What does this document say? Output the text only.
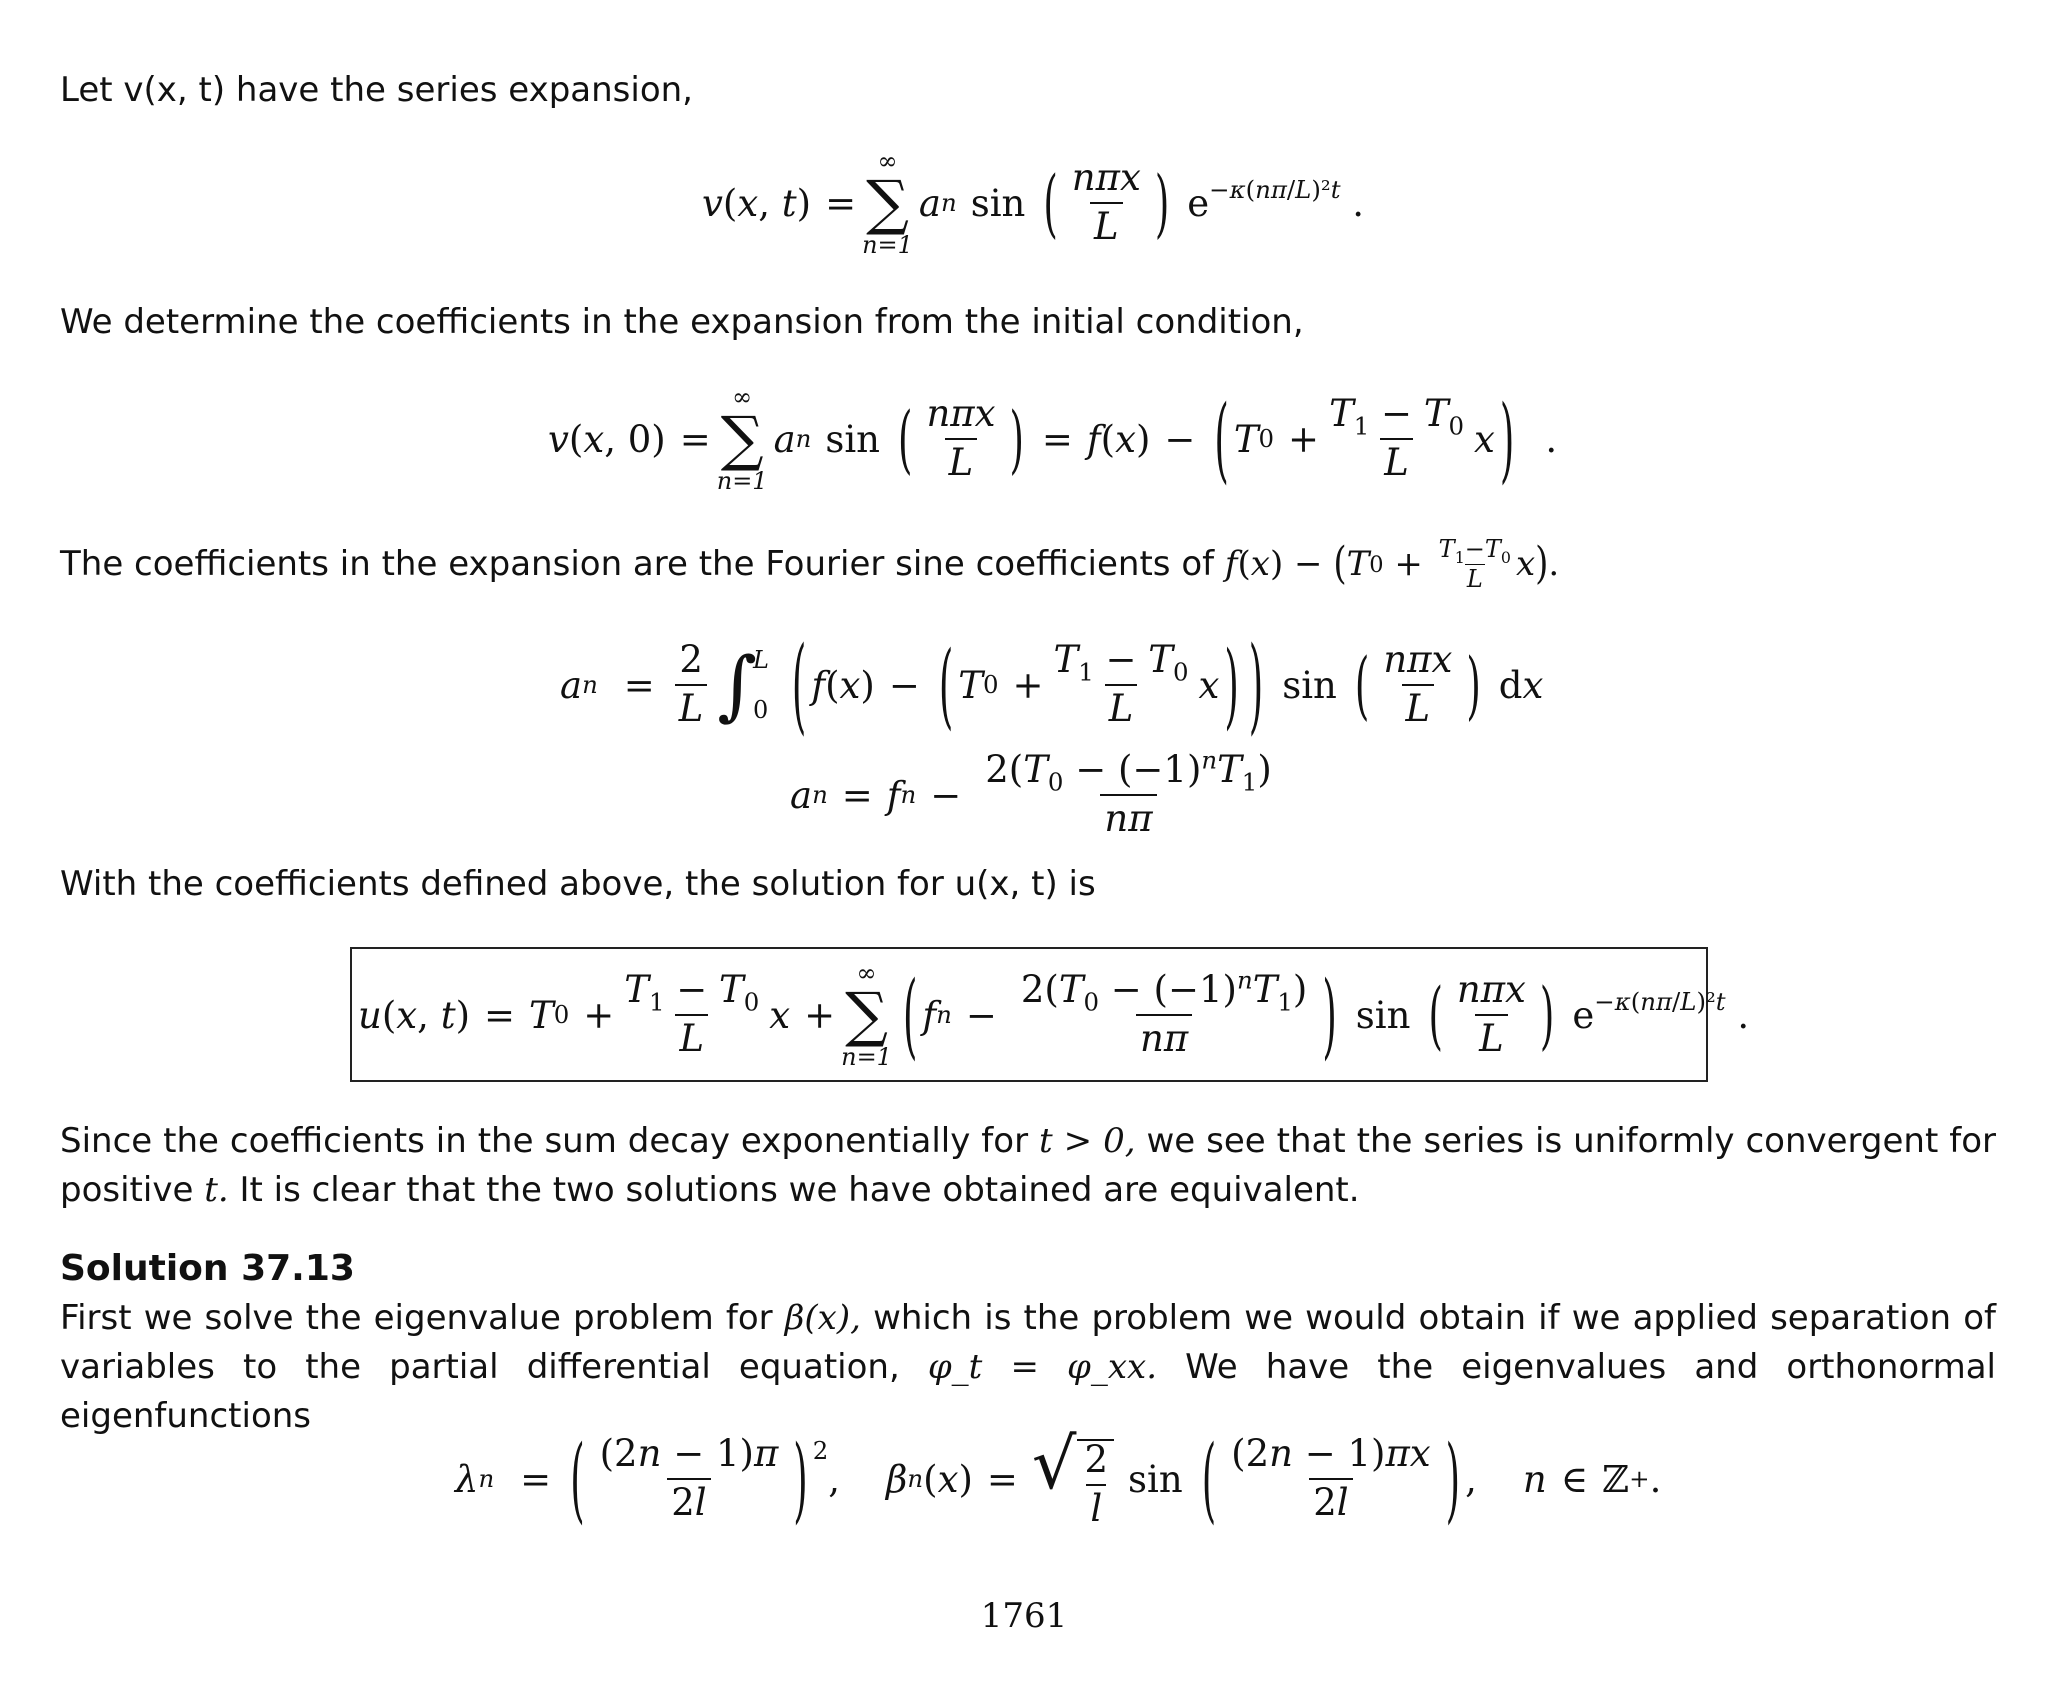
Let v(x, t) have the series expansion,
v ( x , t ) =
∞
∑
n=1
a n sin ( $\frac{\text{nπx}}{L}$ ) e −κ(nπ/L)²t .
We determine the coefficients in the expansion from the initial condition,
v ( x , 0) =
∞
∑
n=1
a n sin ( $\frac{\text{nπx}}{L}$ ) = f ( x ) − ( T $0 + \frac{T_1 - T_0}{L}$ x ) .
The coefficients in the expansion are the Fourier sine coefficients of f ( x ) − ( T $0 + \frac{T_1-T_0}{L}$ x ) .
a $n = \frac{2}{L}$ ∫
L
0 ( f ( x ) − ( T $0 + \frac{T_1 - T_0}{L}$ x ) ) sin ( $\frac{\text{nπx}}{L}$ ) d x
a n = f $n - \frac{2(T_0 - (-1)^nT_1)}{n\pi}$
With the coefficients defined above, the solution for u(x, t) is
u ( x , t ) = T $0 + \frac{T_1 - T_0}{L}$ x +
∞
∑
n=1 ( f $n - \frac{2(T_0 - (-1)^nT_1)}{n\pi}$ ) sin ( $\frac{\text{nπx}}{L}$ ) e −κ(nπ/L)²t .
Since the coefficients in the sum decay exponentially for t > 0, we see that the series is uniformly convergent for positive t. It is clear that the two solutions we have obtained are equivalent.
Solution 37.13
First we solve the eigenvalue problem for β(x), which is the problem we would obtain if we applied separation of variables to the partial differential equation, φ_t = φ_xx. We have the eigenvalues and orthonormal eigenfunctions
λ n = ( $\frac{(2n - 1)\pi}{2l}$ ) 2
, β n ( x ) = √ $\frac{2}{l}$ sin ( $\frac{(2n - 1)\pi x}{2l}$ ) , n ∈ ℤ + .
1761
